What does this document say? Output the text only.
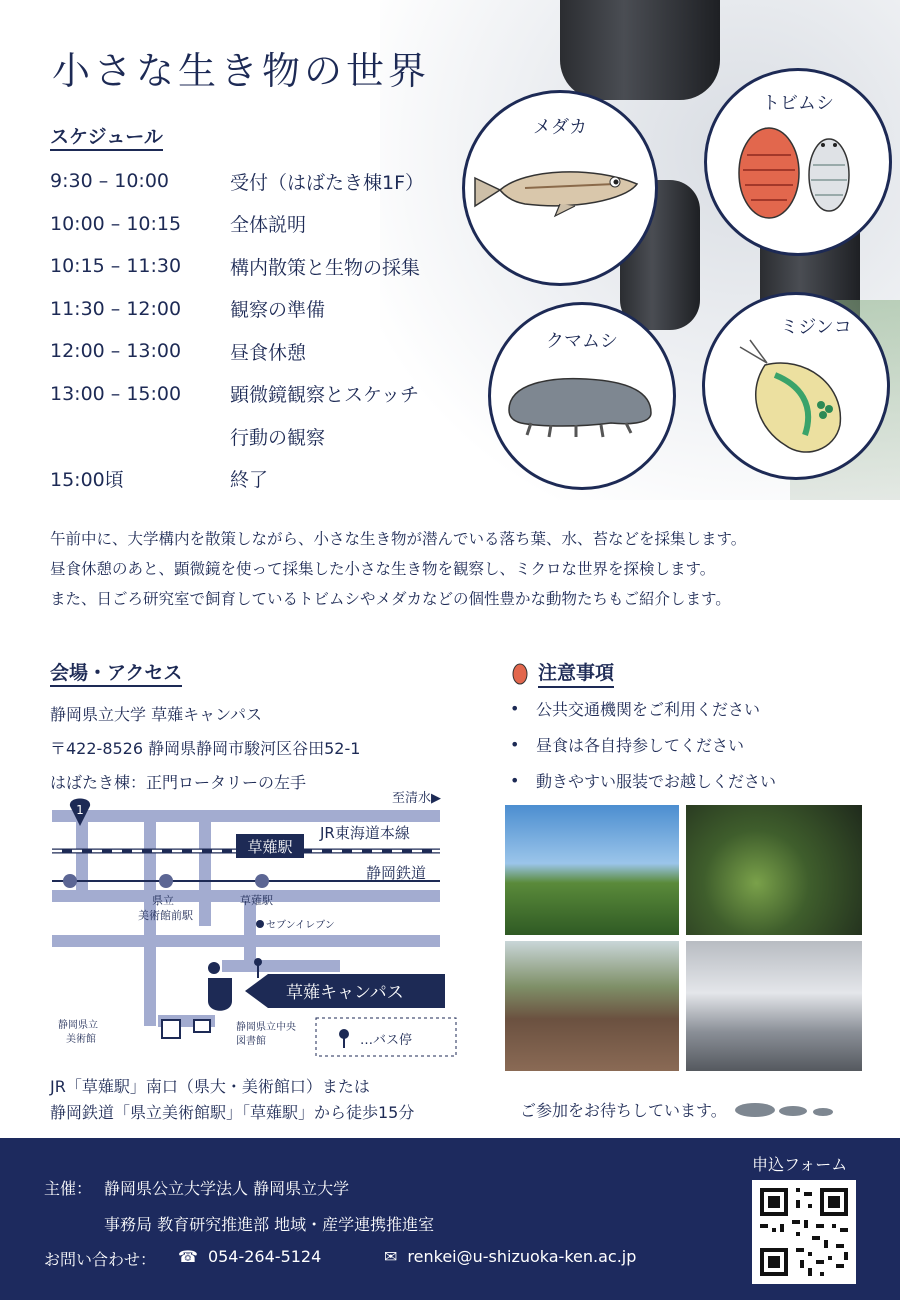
小さな生き物の世界
スケジュール
9:30 – 10:00	受付（はばたき棟1F）
10:00 – 10:15	全体説明
10:15 – 11:30	構内散策と生物の採集
11:30 – 12:00	観察の準備
12:00 – 13:00	昼食休憩
13:00 – 15:00	顕微鏡観察とスケッチ
行動の観察
15:00頃	終了
メダカ
トビムシ
クマムシ
ミジンコ
午前中に、大学構内を散策しながら、小さな生き物が潜んでいる落ち葉、水、苔などを採集します。
昼食休憩のあと、顕微鏡を使って採集した小さな生き物を観察し、ミクロな世界を探検します。
また、日ごろ研究室で飼育しているトビムシやメダカなどの個性豊かな動物たちもご紹介します。
会場・アクセス
静岡県立大学 草薙キャンパス
〒422-8526 静岡県静岡市駿河区谷田52-1
はばたき棟：正門ロータリーの左手
1
至清水▶
草薙駅
JR東海道本線
静岡鉄道
県立
美術館前駅
草薙駅
セブンイレブン
草薙キャンパス
静岡県立
美術館
静岡県立中央
図書館	…バス停
JR「草薙駅」南口（県大・美術館口）または
静岡鉄道「県立美術館駅」「草薙駅」から徒歩15分
注意事項
•	公共交通機関をご利用ください
•	昼食は各自持参してください
•	動きやすい服装でお越しください
ご参加をお待ちしています。
主催： 静岡県公立大学法人 静岡県立大学
事務局 教育研究推進部 地域・産学連携推進室
お問い合わせ： ☎ 054-264-5124	✉ renkei@u-shizuoka-ken.ac.jp
申込フォーム
